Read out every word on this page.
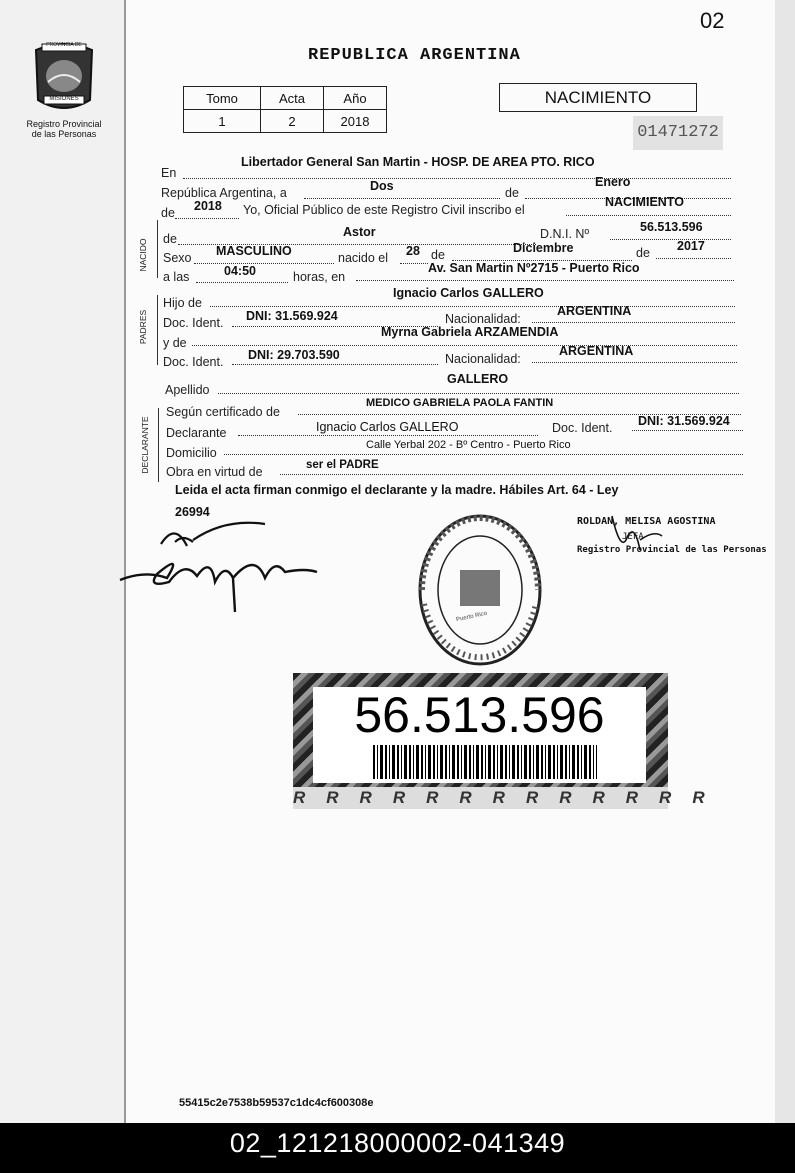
PROVINCIA DE
MISIONES
Registro Provincial
de las Personas
02
REPUBLICA ARGENTINA
Tomo	Acta	Año
1	2	2018
NACIMIENTO
01471272
En
Libertador General San Martin - HOSP. DE AREA PTO. RICO
República Argentina, a	Dos	de
Enero
de 2018 Yo, Oficial Público de este Registro Civil inscribo el
NACIMIENTO
NACIDO de	Astor	D.N.I. Nº	56.513.596
Sexo MASCULINO	nacido el 28 de	Diciembre	de 2017
a las	04:50	horas, en
Av. San Martin Nº2715 - Puerto Rico
PADRES
Hijo de
Ignacio Carlos GALLERO
Doc. Ident. DNI: 31.569.924	Nacionalidad:
ARGENTINA
y de
Myrna Gabriela ARZAMENDIA
Doc. Ident. DNI: 29.703.590	Nacionalidad:
ARGENTINA
Apellido
GALLERO
DECLARANTE
Según certificado de
MEDICO GABRIELA PAOLA FANTIN
Declarante	Ignacio Carlos GALLERO	Doc. Ident. DNI: 31.569.924
Domicilio
Calle Yerbal 202 - Bº Centro - Puerto Rico
Obra en virtud de	ser el PADRE
Leida el acta firman conmigo el declarante y la madre. Hábiles Art. 64 - Ley
26994
Puerto Rico
ROLDAN, MELISA AGOSTINA
JEFA
Registro Provincial de las Personas
RRRRRRRRRRRRR
56.513.596
55415c2e7538b59537c1dc4cf600308e
02_121218000002-041349
